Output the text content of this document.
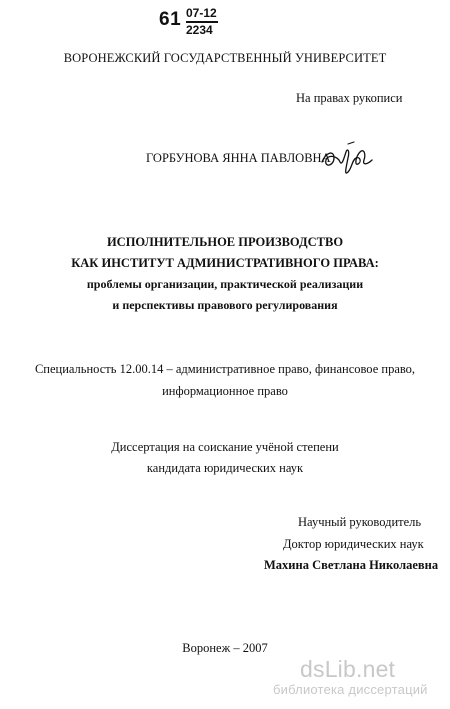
61 07-12
2234
ВОРОНЕЖСКИЙ ГОСУДАРСТВЕННЫЙ УНИВЕРСИТЕТ
На правах рукописи
ГОРБУНОВА ЯННА ПАВЛОВНА
ИСПОЛНИТЕЛЬНОЕ ПРОИЗВОДСТВО
КАК ИНСТИТУТ АДМИНИСТРАТИВНОГО ПРАВА:
проблемы организации, практической реализации
и перспективы правового регулирования
Специальность 12.00.14 – административное право, финансовое право,
информационное право
Диссертация на соискание учёной степени
кандидата юридических наук
Научный руководитель
Доктор юридических наук
Махина Светлана Николаевна
Воронеж – 2007
dsLib.net
библиотека диссертаций
